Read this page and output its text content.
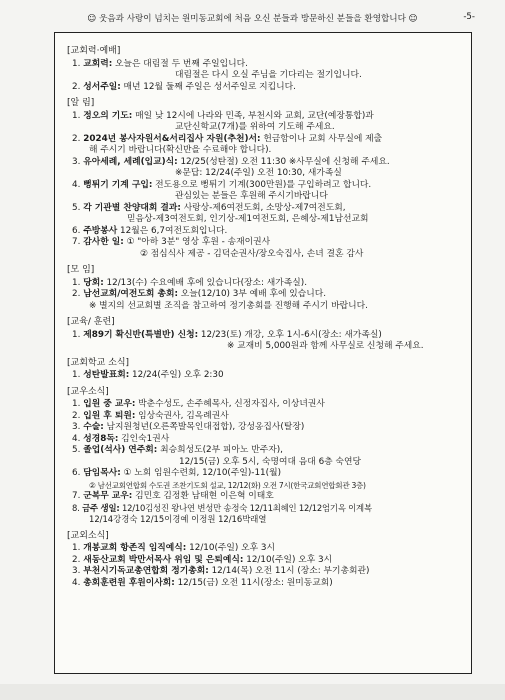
☺ 웃음과 사랑이 넘치는 원미동교회에 처음 오신 분들과 방문하신 분들을 환영합니다 ☺	-5-
[교회력·예배]
1. 교회력: 오늘은 대림절 두 번째 주일입니다.
대림절은 다시 오실 주님을 기다리는 절기입니다.
2. 성서주일: 매년 12월 둘째 주일은 성서주일로 지킵니다.
[알 림]
1. 정오의 기도: 매일 낮 12시에 나라와 민족, 부천시와 교회, 교단(예장통합)과
교단신학교(7개)를 위하여 기도해 주세요.
2. 2024년 봉사자원서&서리집사 자원(추천)서: 헌금함이나 교회 사무실에 제출
해 주시기 바랍니다(확신반을 수료해야 합니다).
3. 유아세례, 세례(입교)식: 12/25(성탄절) 오전 11:30 ※사무실에 신청해 주세요.
※문답: 12/24(주일) 오전 10:30, 새가족실
4. 뻥튀기 기계 구입: 전도용으로 뻥튀기 기계(300만원)를 구입하려고 합니다.
관심있는 분들은 후원해 주시기바랍니다
5. 각 기관별 찬양대회 결과: 사랑상-제6여전도회, 소망상-제7여전도회,
믿음상-제3여전도회, 인기상-제1여전도회, 은혜상-제1남선교회
6. 주방봉사 12월은 6,7여전도회입니다.
7. 감사한 일: ① "아하 3분" 영상 후원 - 송재이권사
② 점심식사 제공 - 김덕순권사/장오숙집사, 손녀 결혼 감사
[모 임]
1. 당회: 12/13(수) 수요예배 후에 있습니다(장소: 새가족실).
2. 남선교회/여전도회 총회: 오늘(12/10) 3부 예배 후에 있습니다.
※ 별지의 선교회별 조직을 참고하여 정기총회를 진행해 주시기 바랍니다.
[교육/ 훈련]
1. 제89기 확신반(특별반) 신청: 12/23(토) 개강, 오후 1시-6시(장소: 새가족실)
※ 교재비 5,000원과 함께 사무실로 신청해 주세요.
[교회학교 소식]
1. 성탄발표회: 12/24(주일) 오후 2:30
[교우소식]
1. 입원 중 교우: 박춘수성도, 손주혜목사, 신정자집사, 이상녀권사
2. 입원 후 퇴원: 임상숙권사, 김옥례권사
3. 수술: 남지원청년(오른쪽발목인대접합), 강성옹집사(탈장)
4. 성경8독: 김인숙1권사
5. 졸업(석사) 연주회: 최승희성도(2부 피아노 반주자),
12/15(금) 오후 5시, 숙명여대 음대 6층 숙연당
6. 담임목사: ① 노회 임원수련회, 12/10(주일)-11(월)
② 남선교회연합회 수도권 조찬기도회 설교, 12/12(화) 오전 7시(한국교회연합회관 3층)
7. 군복무 교우: 김민호 김정환 남태현 이은혁 이태호
8. 금주 생일: 12/10김성진 왕나연 변성만 송정숙 12/11최혜인 12/12엄기옥 이계복
12/14강경숙 12/15이경예 이정원 12/16박래열
[교외소식]
1. 개봉교회 항존직 임직예식: 12/10(주일) 오후 3시
2. 새동산교회 박만서목사 위임 및 은퇴예식: 12/10(주일) 오후 3시
3. 부천시기독교총연합회 정기총회: 12/14(목) 오전 11시 (장소: 부기총회관)
4. 총회훈련원 후원이사회: 12/15(금) 오전 11시(장소: 원미동교회)
